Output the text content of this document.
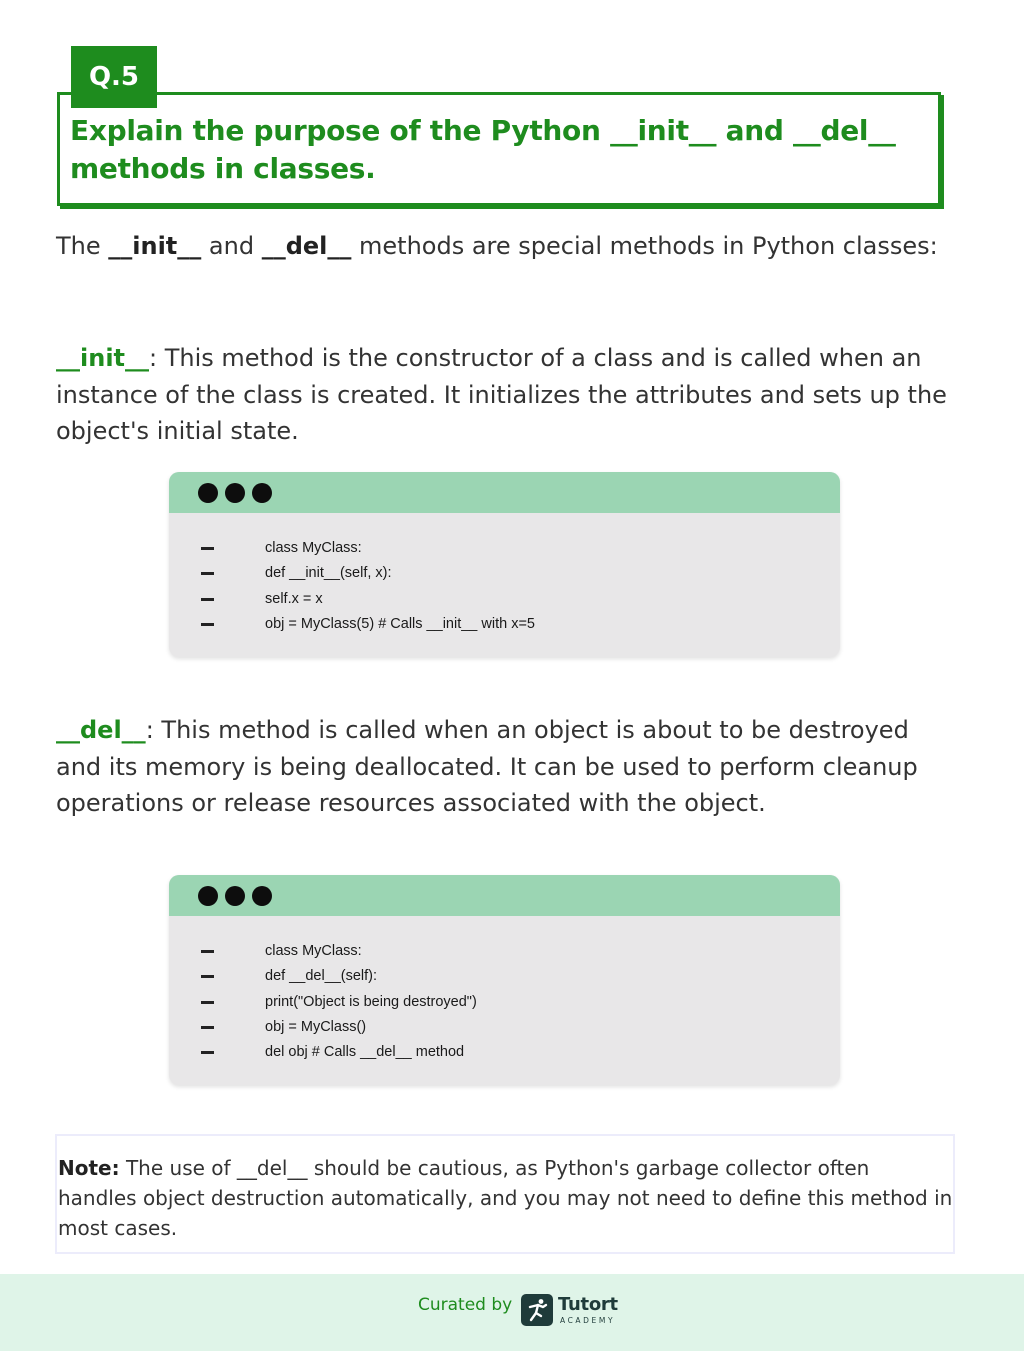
Q.5
Explain the purpose of the Python __init__ and __del__ methods in classes.

The __init__ and __del__ methods are special methods in Python classes:

__init__: This method is the constructor of a class and is called when an instance of the class is created. It initializes the attributes and sets up the object's initial state.

class MyClass:
def __init__(self, x):
self.x = x
obj = MyClass(5) # Calls __init__ with x=5

__del__: This method is called when an object is about to be destroyed and its memory is being deallocated. It can be used to perform cleanup operations or release resources associated with the object.

class MyClass:
def __del__(self):
print("Object is being destroyed")
obj = MyClass()
del obj # Calls __del__ method
Note: The use of __del__ should be cautious, as Python's garbage collector often handles object destruction automatically, and you may not need to define this method in most cases.
Curated by	Tutort
ACADEMY
